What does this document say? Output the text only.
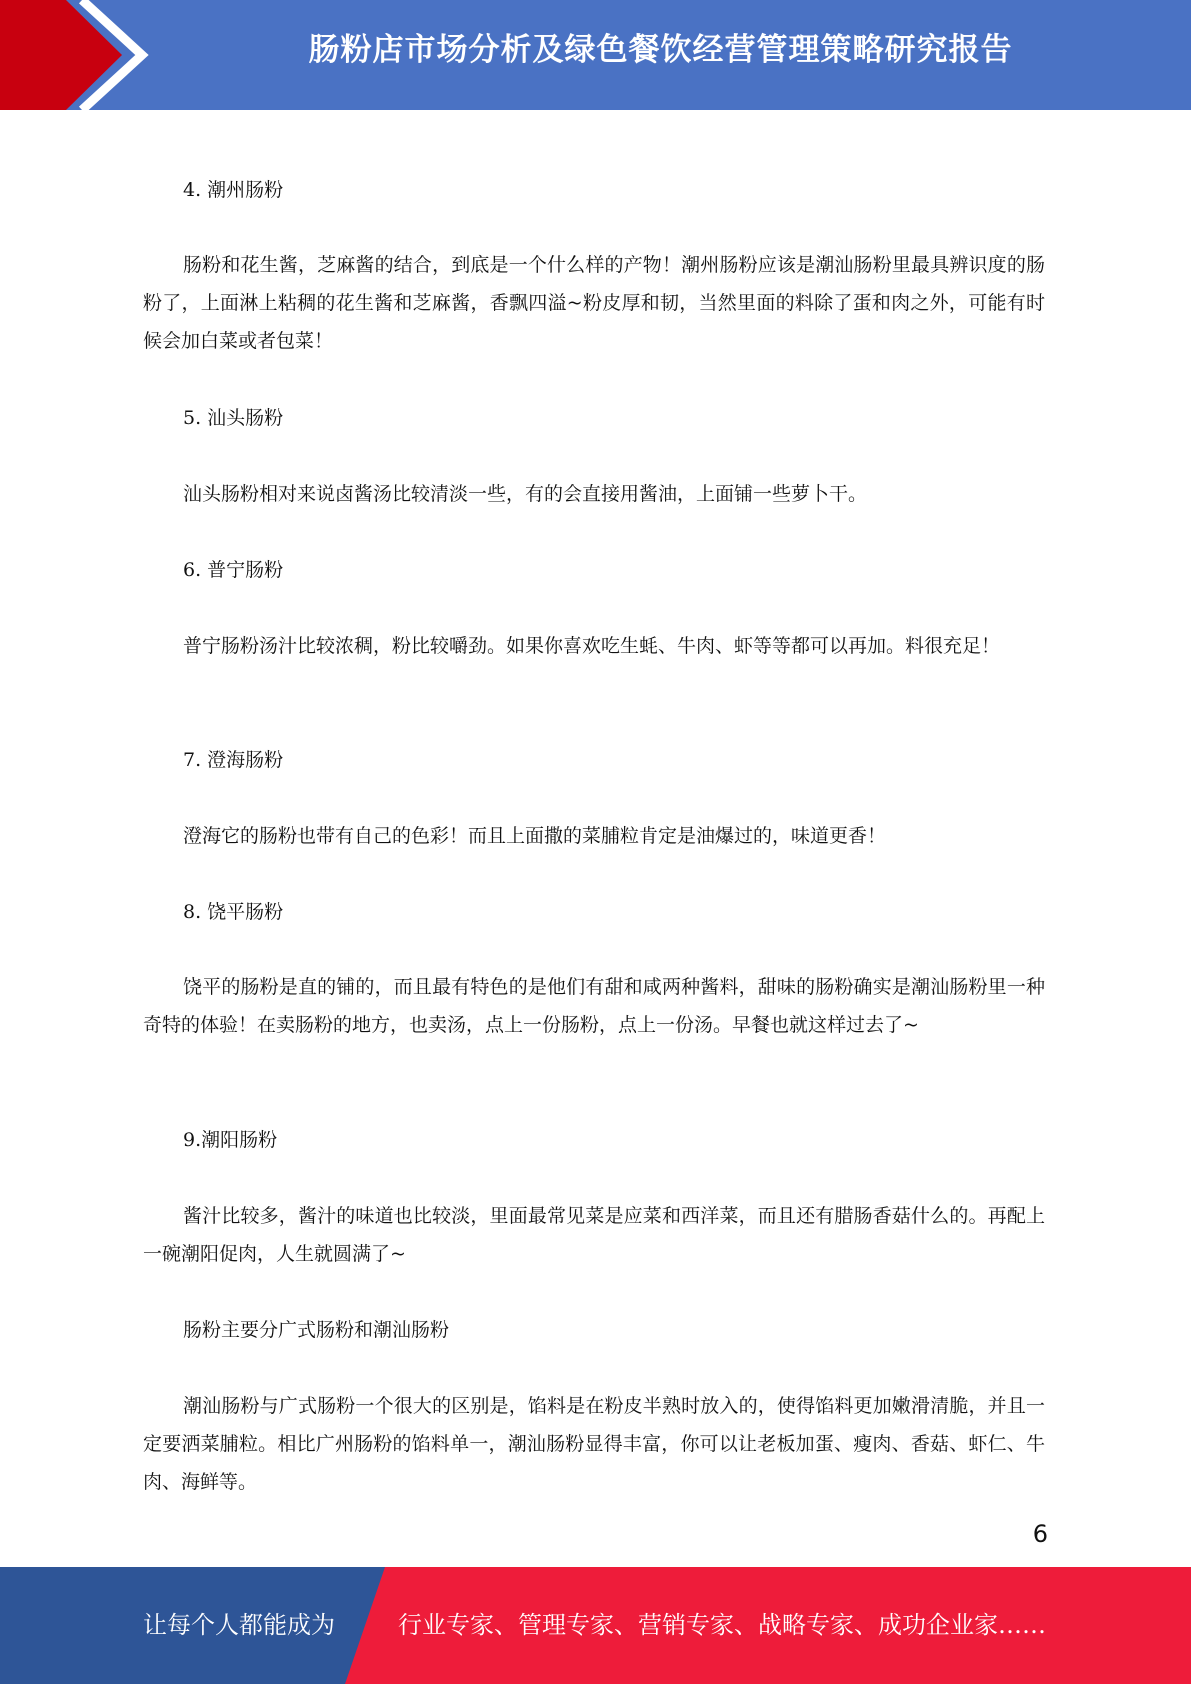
肠粉店市场分析及绿色餐饮经营管理策略研究报告
4. 潮州肠粉

肠粉和花生酱，芝麻酱的结合，到底是一个什么样的产物！潮州肠粉应该是潮汕肠粉里最具辨识度的肠粉了，上面淋上粘稠的花生酱和芝麻酱，香飘四溢~粉皮厚和韧，当然里面的料除了蛋和肉之外，可能有时候会加白菜或者包菜！

5. 汕头肠粉

汕头肠粉相对来说卤酱汤比较清淡一些，有的会直接用酱油，上面铺一些萝卜干。

6. 普宁肠粉

普宁肠粉汤汁比较浓稠，粉比较嚼劲。如果你喜欢吃生蚝、牛肉、虾等等都可以再加。料很充足！

7. 澄海肠粉

澄海它的肠粉也带有自己的色彩！而且上面撒的菜脯粒肯定是油爆过的，味道更香！

8. 饶平肠粉

饶平的肠粉是直的铺的，而且最有特色的是他们有甜和咸两种酱料，甜味的肠粉确实是潮汕肠粉里一种奇特的体验！在卖肠粉的地方，也卖汤，点上一份肠粉，点上一份汤。早餐也就这样过去了~

9.潮阳肠粉

酱汁比较多，酱汁的味道也比较淡，里面最常见菜是应菜和西洋菜，而且还有腊肠香菇什么的。再配上一碗潮阳促肉，人生就圆满了~

肠粉主要分广式肠粉和潮汕肠粉

潮汕肠粉与广式肠粉一个很大的区别是，馅料是在粉皮半熟时放入的，使得馅料更加嫩滑清脆，并且一定要洒菜脯粒。相比广州肠粉的馅料单一，潮汕肠粉显得丰富，你可以让老板加蛋、瘦肉、香菇、虾仁、牛肉、海鲜等。

6
让每个人都能成为	行业专家、管理专家、营销专家、战略专家、成功企业家……
